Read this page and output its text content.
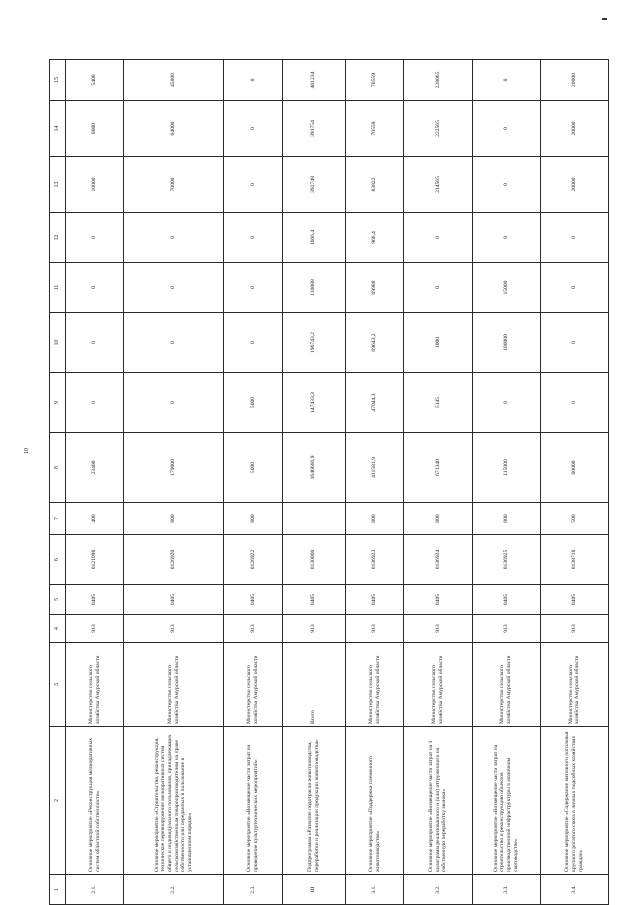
10
1	2	3	4	5	6	7	8	9	10	11	12	13	14	15
2.1.	Основное мероприятие «Реконструкция мелиоративных систем областной собственности»	Министерство сельского хозяйства Амурской области	913	0405	0121098	400	23400	0	0	0	0	10000	8000	5400
2.2.	Основное мероприятие «Строительство, реконструкция, техническое перевооружение мелиоративных систем общего и индивидуального пользования, принадлежащих сельскохозяйственным товаропроизводителям на праве собственности или переданных в пользование в установленном порядке»	Министерство сельского хозяйства Амурской области	913	0405	0126920	800	179000	0	0	0	0	70000	64000	45000
2.3.	Основное мероприятие «Возмещение части затрат на проведение культуртехнических мероприятий»	Министерство сельского хозяйства Амурской области	913	0405	0126922	800	5000	5000	0	0	0	0	0	0
III	Подпрограмма «Развитие подотрасли животноводства, переработки и реализации продукции животноводства»	Всего	913	0405	0130000		1646666,9	147433,3	196743,2	110088	1666,4	392748	391754	401234
3.1.	Основное мероприятие «Поддержка племенного животноводства»	Министерство сельского хозяйства Амурской области	913	0405	0136923	800	411581,9	47044,3	69643,2	69988	966,4	83822	70559	70559
3.2.	Основное мероприятие «Возмещение части затрат на 1 килограмм реализованного и (или) отгруженного на собственную переработку молока»	Министерство сельского хозяйства Амурской области	913	0405	0136924	800	671340	5145	1000	0	0	214565	222565	228065
3.3.	Основное мероприятие «Возмещение части затрат на строительство и реконструкцию объектов производственной инфраструктуры в молочном скотоводстве»	Министерство сельского хозяйства Амурской области	913	0405	0136925	800	115000	0	100000	15000	0	0	0	0
3.4.	Основное мероприятие «Содержание маточного поголовья крупного рогатого скота в личных подсобных хозяйствах граждан»	Министерство сельского хозяйства Амурской области	913	0405	0138718	500	60000	0	0	0	0	20000	20000	20000
